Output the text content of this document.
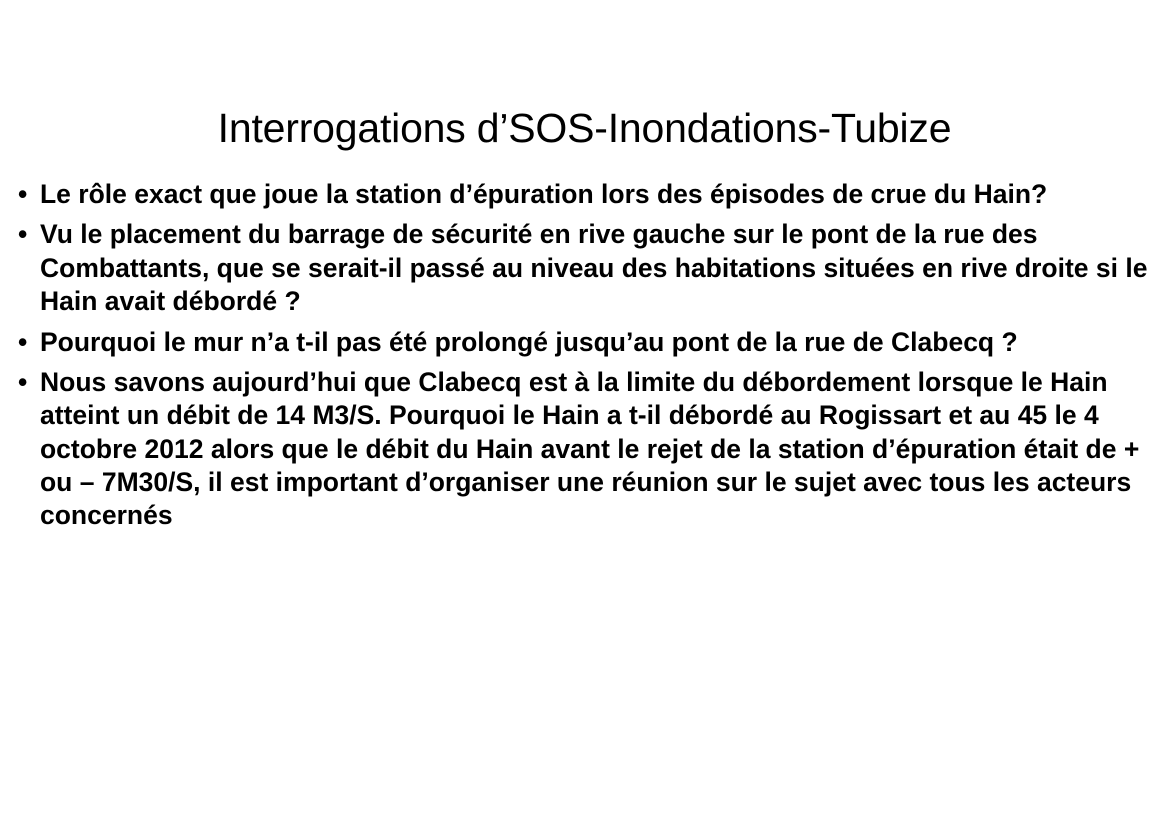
Interrogations d’SOS-Inondations-Tubize
• Le rôle exact que joue la station d’épuration lors des épisodes de crue du Hain?
• Vu le placement du barrage de sécurité en rive gauche sur le pont de la rue des Combattants, que se serait-il passé au niveau des habitations situées en rive droite si le Hain avait débordé ?
• Pourquoi le mur n’a t-il pas été prolongé jusqu’au pont de la rue de Clabecq ?
• Nous savons aujourd’hui que Clabecq est à la limite du débordement lorsque le Hain atteint un débit de 14 M3/S. Pourquoi le Hain a t-il débordé au Rogissart et au 45 le 4 octobre 2012 alors que le débit du Hain avant le rejet de la station d’épuration était de + ou – 7M30/S, il est important d’organiser une réunion sur le sujet avec tous les acteurs concernés
